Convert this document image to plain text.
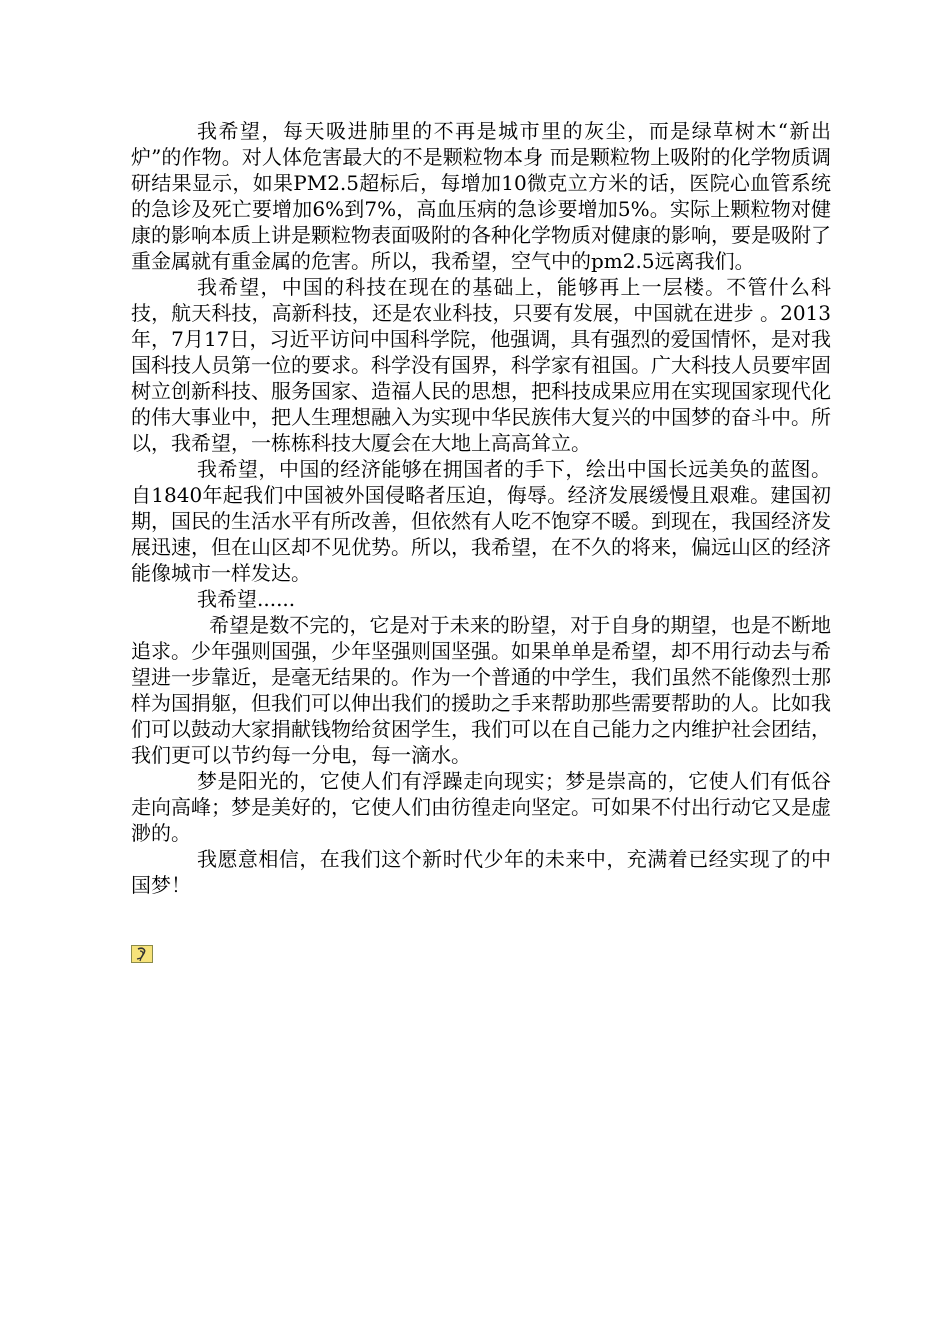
我希望，每天吸进肺里的不再是城市里的灰尘，而是绿草树木“新出炉”的作物。对人体危害最大的不是颗粒物本身 而是颗粒物上吸附的化学物质调研结果显示，如果PM2.5超标后，每增加10微克立方米的话，医院心血管系统的急诊及死亡要增加6%到7%，高血压病的急诊要增加5%。实际上颗粒物对健康的影响本质上讲是颗粒物表面吸附的各种化学物质对健康的影响，要是吸附了重金属就有重金属的危害。所以，我希望，空气中的pm2.5远离我们。

我希望，中国的科技在现在的基础上，能够再上一层楼。不管什么科技，航天科技，高新科技，还是农业科技，只要有发展，中国就在进步 。2013年，7月17日，习近平访问中国科学院，他强调，具有强烈的爱国情怀，是对我国科技人员第一位的要求。科学没有国界，科学家有祖国。广大科技人员要牢固树立创新科技、服务国家、造福人民的思想，把科技成果应用在实现国家现代化的伟大事业中，把人生理想融入为实现中华民族伟大复兴的中国梦的奋斗中。所以，我希望，一栋栋科技大厦会在大地上高高耸立。

我希望，中国的经济能够在拥国者的手下，绘出中国长远美奂的蓝图。自1840年起我们中国被外国侵略者压迫，侮辱。经济发展缓慢且艰难。建国初期，国民的生活水平有所改善，但依然有人吃不饱穿不暖。到现在，我国经济发展迅速，但在山区却不见优势。所以，我希望，在不久的将来，偏远山区的经济能像城市一样发达。

我希望......

希望是数不完的，它是对于未来的盼望，对于自身的期望，也是不断地追求。少年强则国强，少年坚强则国坚强。如果单单是希望，却不用行动去与希望进一步靠近，是毫无结果的。作为一个普通的中学生，我们虽然不能像烈士那样为国捐躯，但我们可以伸出我们的援助之手来帮助那些需要帮助的人。比如我们可以鼓动大家捐献钱物给贫困学生，我们可以在自己能力之内维护社会团结，我们更可以节约每一分电，每一滴水。

梦是阳光的，它使人们有浮躁走向现实；梦是崇高的，它使人们有低谷走向高峰；梦是美好的，它使人们由彷徨走向坚定。可如果不付出行动它又是虚渺的。

我愿意相信，在我们这个新时代少年的未来中，充满着已经实现了的中国梦！
